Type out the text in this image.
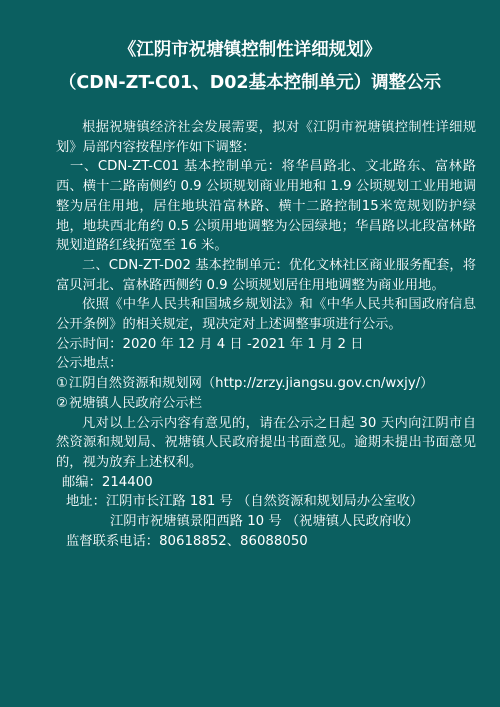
《江阴市祝塘镇控制性详细规划》
（CDN-ZT-C01、D02基本控制单元）调整公示

根据祝塘镇经济社会发展需要，拟对《江阴市祝塘镇控制性详细规划》局部内容按程序作如下调整：

一、CDN-ZT-C01 基本控制单元：将华昌路北、文北路东、富林路西、横十二路南侧约 0.9 公顷规划商业用地和 1.9 公顷规划工业用地调整为居住用地，居住地块沿富林路、横十二路控制15米宽规划防护绿地，地块西北角约 0.5 公顷用地调整为公园绿地；华昌路以北段富林路规划道路红线拓宽至 16 米。

二、CDN-ZT-D02 基本控制单元：优化文林社区商业服务配套，将富贝河北、富林路西侧约 0.9 公顷规划居住用地调整为商业用地。

依照《中华人民共和国城乡规划法》和《中华人民共和国政府信息公开条例》的相关规定，现决定对上述调整事项进行公示。

公示时间：2020 年 12 月 4 日 -2021 年 1 月 2 日

公示地点：

①江阴自然资源和规划网（http://zrzy.jiangsu.gov.cn/wxjy/）

②祝塘镇人民政府公示栏

凡对以上公示内容有意见的，请在公示之日起 30 天内向江阴市自然资源和规划局、祝塘镇人民政府提出书面意见。逾期未提出书面意见的，视为放弃上述权利。

邮编：214400

地址：江阴市长江路 181 号 （自然资源和规划局办公室收）

江阴市祝塘镇景阳西路 10 号 （祝塘镇人民政府收）

监督联系电话：80618852、86088050
